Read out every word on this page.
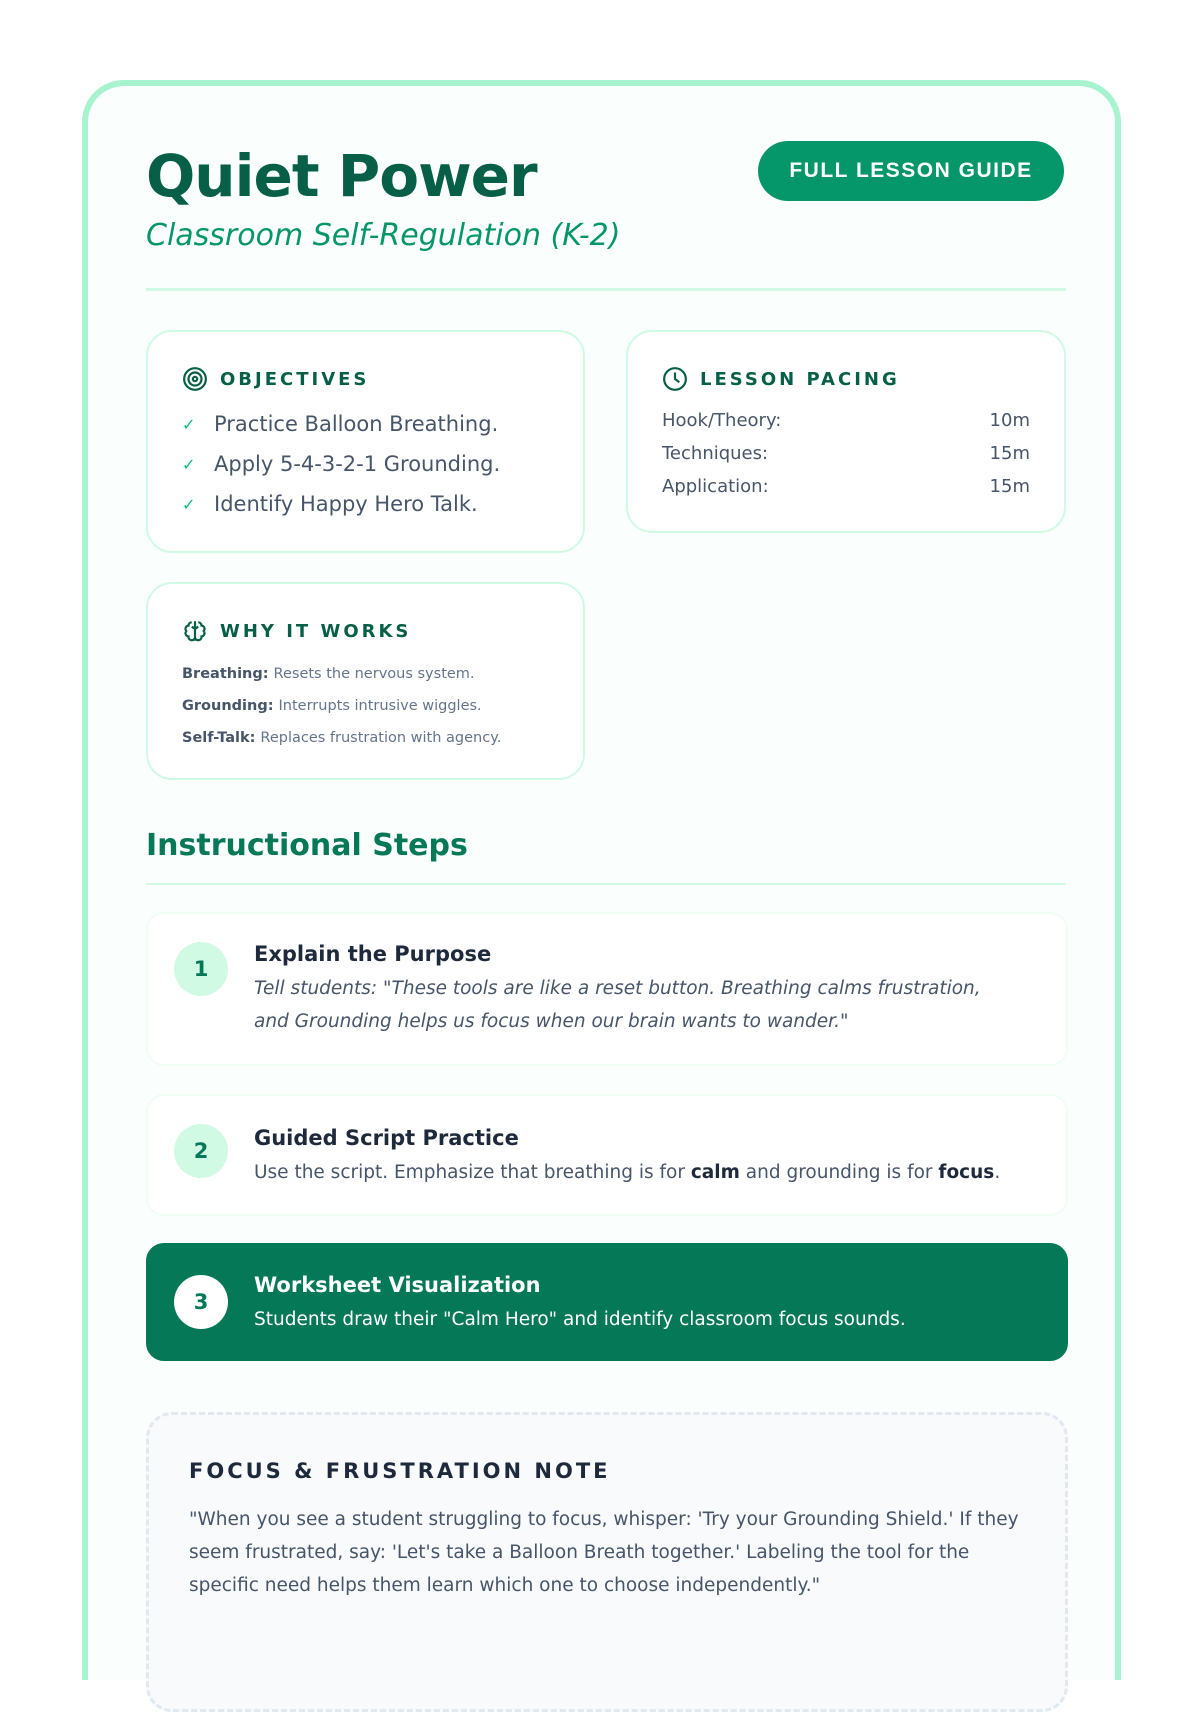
Quiet Power
Classroom Self-Regulation (K-2)
FULL LESSON GUIDE
OBJECTIVES
✓ Practice Balloon Breathing.
✓ Apply 5-4-3-2-1 Grounding.
✓ Identify Happy Hero Talk.
LESSON PACING
Hook/Theory:	10m
Techniques:	15m
Application:	15m
WHY IT WORKS
Breathing: Resets the nervous system.
Grounding: Interrupts intrusive wiggles.
Self-Talk: Replaces frustration with agency.
Instructional Steps
1
Explain the Purpose
Tell students: "These tools are like a reset button. Breathing calms frustration, and Grounding helps us focus when our brain wants to wander."
2
Guided Script Practice
Use the script. Emphasize that breathing is for calm and grounding is for focus.
3
Worksheet Visualization
Students draw their "Calm Hero" and identify classroom focus sounds.
FOCUS & FRUSTRATION NOTE

"When you see a student struggling to focus, whisper: 'Try your Grounding Shield.' If they seem frustrated, say: 'Let's take a Balloon Breath together.' Labeling the tool for the specific need helps them learn which one to choose independently."
